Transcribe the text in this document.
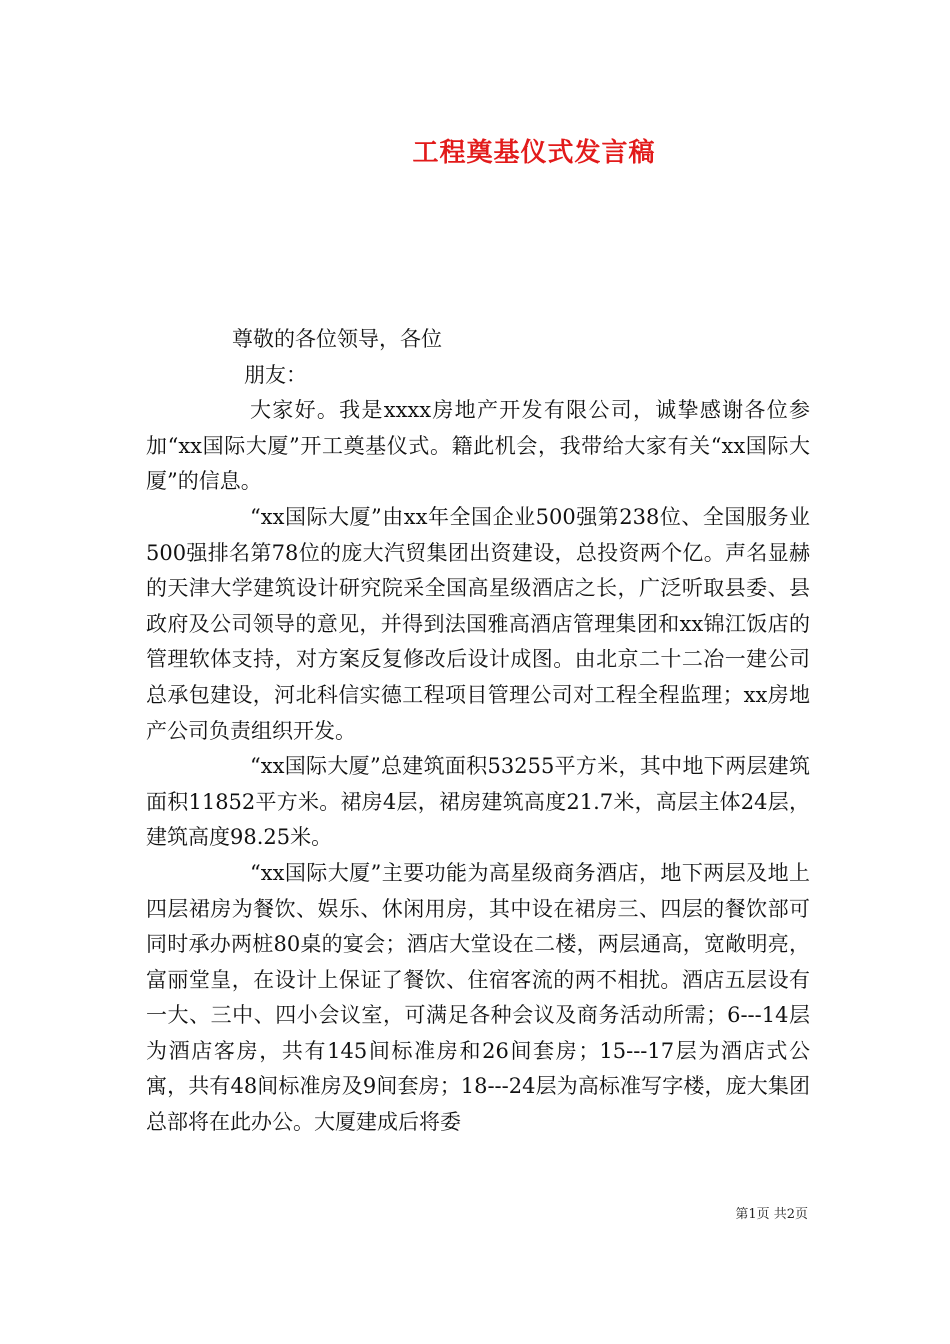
工程奠基仪式发言稿

尊敬的各位领导，各位

朋友：

大家好。我是xxxx房地产开发有限公司，诚挚感谢各位参加“xx国际大厦”开工奠基仪式。籍此机会，我带给大家有关“xx国际大厦”的信息。

“xx国际大厦”由xx年全国企业500强第238位、全国服务业500强排名第78位的庞大汽贸集团出资建设，总投资两个亿。声名显赫的天津大学建筑设计研究院采全国高星级酒店之长，广泛听取县委、县政府及公司领导的意见，并得到法国雅高酒店管理集团和xx锦江饭店的管理软体支持，对方案反复修改后设计成图。由北京二十二冶一建公司总承包建设，河北科信实德工程项目管理公司对工程全程监理；xx房地产公司负责组织开发。

“xx国际大厦”总建筑面积53255平方米，其中地下两层建筑面积11852平方米。裙房4层，裙房建筑高度21.7米，高层主体24层，建筑高度98.25米。

“xx国际大厦”主要功能为高星级商务酒店，地下两层及地上四层裙房为餐饮、娱乐、休闲用房，其中设在裙房三、四层的餐饮部可同时承办两桩80桌的宴会；酒店大堂设在二楼，两层通高，宽敞明亮，富丽堂皇，在设计上保证了餐饮、住宿客流的两不相扰。酒店五层设有一大、三中、四小会议室，可满足各种会议及商务活动所需；6---14层为酒店客房，共有145间标准房和26间套房；15---17层为酒店式公寓，共有48间标准房及9间套房；18---24层为高标准写字楼，庞大集团总部将在此办公。大厦建成后将委

第1页 共2页
